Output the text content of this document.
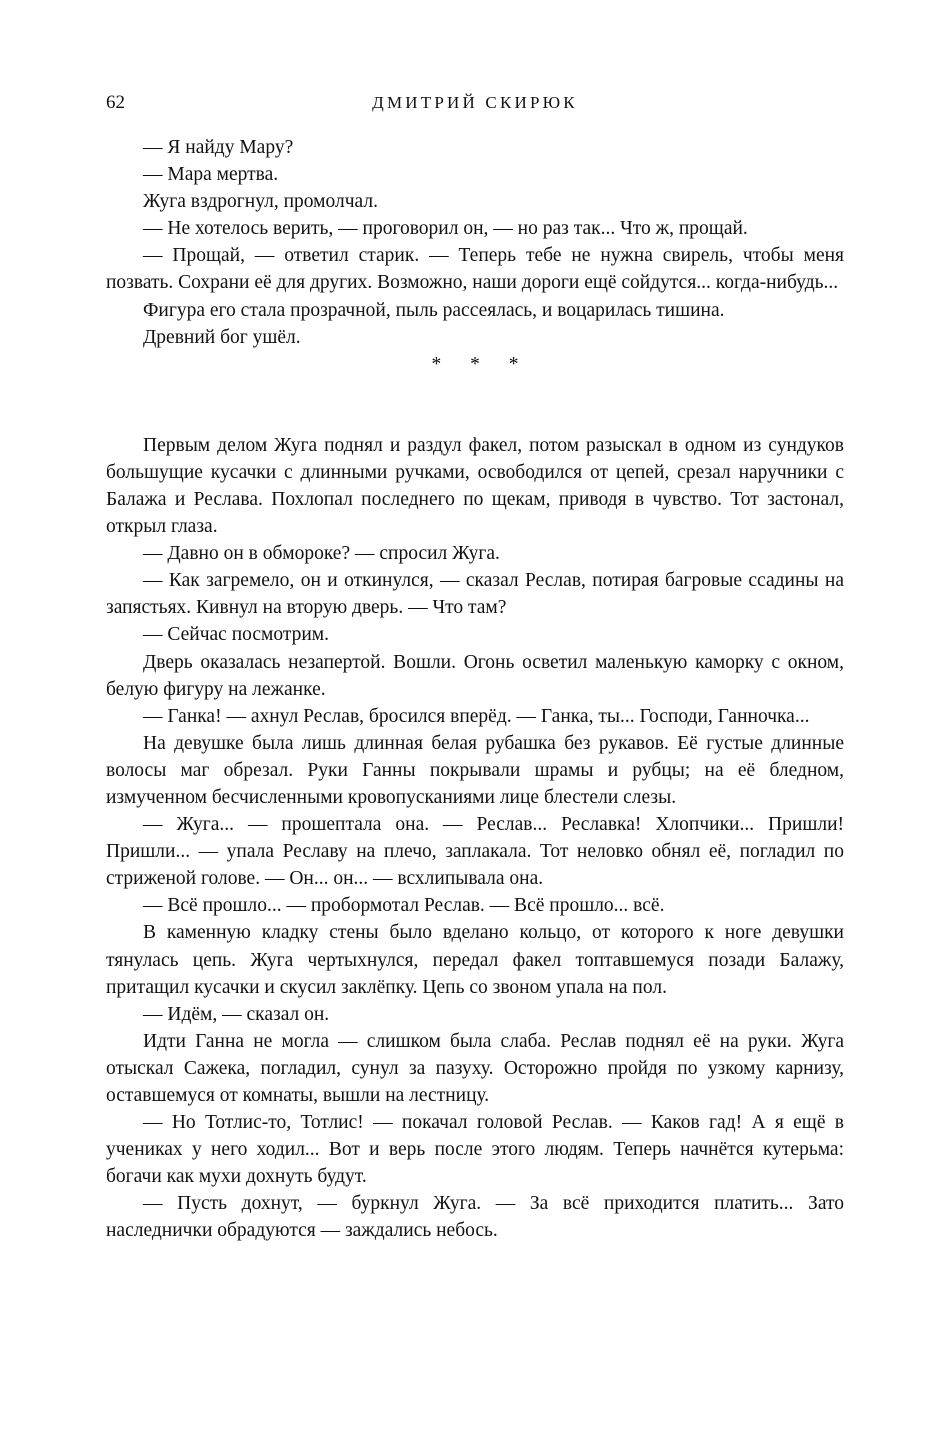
62	ДМИТРИЙ СКИРЮК

— Я найду Мару?

— Мара мертва.

Жуга вздрогнул, промолчал.

— Не хотелось верить, — проговорил он, — но раз так... Что ж, прощай.

— Прощай, — ответил старик. — Теперь тебе не нужна свирель, чтобы меня позвать. Сохрани её для других. Возможно, наши дороги ещё сойдутся... когда-нибудь...

Фигура его стала прозрачной, пыль рассеялась, и воцарилась тишина.

Древний бог ушёл.

* * *

Первым делом Жуга поднял и раздул факел, потом разыскал в одном из сундуков большущие кусачки с длинными ручками, освободился от цепей, срезал наручники с Балажа и Реслава. Похлопал последнего по щекам, приводя в чувство. Тот застонал, открыл глаза.

— Давно он в обмороке? — спросил Жуга.

— Как загремело, он и откинулся, — сказал Реслав, потирая багровые ссадины на запястьях. Кивнул на вторую дверь. — Что там?

— Сейчас посмотрим.

Дверь оказалась незапертой. Вошли. Огонь осветил маленькую каморку с окном, белую фигуру на лежанке.

— Ганка! — ахнул Реслав, бросился вперёд. — Ганка, ты... Господи, Ганночка...

На девушке была лишь длинная белая рубашка без рукавов. Её густые длинные волосы маг обрезал. Руки Ганны покрывали шрамы и рубцы; на её бледном, измученном бесчисленными кровопусканиями лице блестели слезы.

— Жуга... — прошептала она. — Реслав... Реславка! Хлопчики... Пришли! Пришли... — упала Реславу на плечо, заплакала. Тот неловко обнял её, погладил по стриженой голове. — Он... он... — всхлипывала она.

— Всё прошло... — пробормотал Реслав. — Всё прошло... всё.

В каменную кладку стены было вделано кольцо, от которого к ноге девушки тянулась цепь. Жуга чертыхнулся, передал факел топтавшемуся позади Балажу, притащил кусачки и скусил заклёпку. Цепь со звоном упала на пол.

— Идём, — сказал он.

Идти Ганна не могла — слишком была слаба. Реслав поднял её на руки. Жуга отыскал Сажека, погладил, сунул за пазуху. Осторожно пройдя по узкому карнизу, оставшемуся от комнаты, вышли на лестницу.

— Но Тотлис-то, Тотлис! — покачал головой Реслав. — Каков гад! А я ещё в учениках у него ходил... Вот и верь после этого людям. Теперь начнётся кутерьма: богачи как мухи дохнуть будут.

— Пусть дохнут, — буркнул Жуга. — За всё приходится платить... Зато наследнички обрадуются — заждались небось.
